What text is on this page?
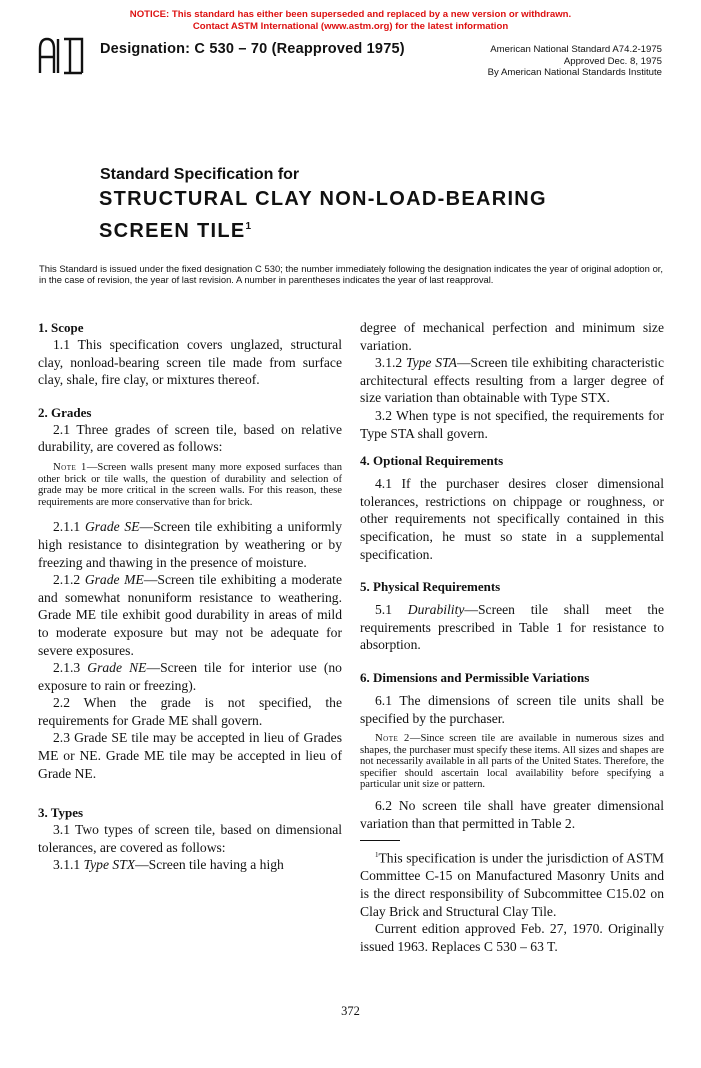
NOTICE: This standard has either been superseded and replaced by a new version or withdrawn.
Contact ASTM International (www.astm.org) for the latest information
Designation: C 530 – 70 (Reapproved 1975)	American National Standard A74.2-1975
Approved Dec. 8, 1975
By American National Standards Institute
Standard Specification for
STRUCTURAL CLAY NON-LOAD-BEARING
SCREEN TILE$^1$
This Standard is issued under the fixed designation C 530; the number immediately following the designation indicates the year of original adoption or, in the case of revision, the year of last revision. A number in parentheses indicates the year of last reapproval.
1. Scope

1.1 This specification covers unglazed, structural clay, nonload-bearing screen tile made from surface clay, shale, fire clay, or mixtures thereof.

2. Grades

2.1 Three grades of screen tile, based on relative durability, are covered as follows:

Note 1—Screen walls present many more exposed surfaces than other brick or tile walls, the question of durability and selection of grade may be more critical in the screen walls. For this reason, these requirements are more conservative than for brick.

2.1.1 Grade SE—Screen tile exhibiting a uniformly high resistance to disintegration by weathering or by freezing and thawing in the presence of moisture.

2.1.2 Grade ME—Screen tile exhibiting a moderate and somewhat nonuniform resistance to weathering. Grade ME tile exhibit good durability in areas of mild to moderate exposure but may not be adequate for severe exposures.

2.1.3 Grade NE—Screen tile for interior use (no exposure to rain or freezing).

2.2 When the grade is not specified, the requirements for Grade ME shall govern.

2.3 Grade SE tile may be accepted in lieu of Grades ME or NE. Grade ME tile may be accepted in lieu of Grade NE.

3. Types

3.1 Two types of screen tile, based on dimensional tolerances, are covered as follows:

3.1.1 Type STX—Screen tile having a high

degree of mechanical perfection and minimum size variation.

3.1.2 Type STA—Screen tile exhibiting characteristic architectural effects resulting from a larger degree of size variation than obtainable with Type STX.

3.2 When type is not specified, the requirements for Type STA shall govern.

4. Optional Requirements

4.1 If the purchaser desires closer dimensional tolerances, restrictions on chippage or roughness, or other requirements not specifically contained in this specification, he must so state in a supplemental specification.

5. Physical Requirements

5.1 Durability—Screen tile shall meet the requirements prescribed in Table 1 for resistance to absorption.

6. Dimensions and Permissible Variations

6.1 The dimensions of screen tile units shall be specified by the purchaser.

Note 2—Since screen tile are available in numerous sizes and shapes, the purchaser must specify these items. All sizes and shapes are not necessarily available in all parts of the United States. Therefore, the specifier should ascertain local availability before specifying a particular unit size or pattern.

6.2 No screen tile shall have greater dimensional variation than that permitted in Table 2.

$^1$This specification is under the jurisdiction of ASTM Committee C-15 on Manufactured Masonry Units and is the direct responsibility of Subcommittee C15.02 on Clay Brick and Structural Clay Tile.

Current edition approved Feb. 27, 1970. Originally issued 1963. Replaces C 530 – 63 T.

372
